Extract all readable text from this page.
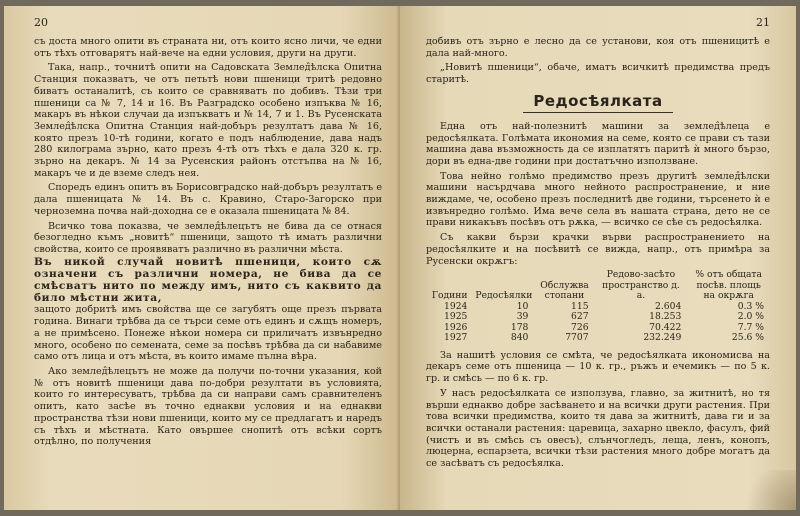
20

съ доста много опити въ страната ни, отъ които ясно личи, че едни отъ тѣхъ отговарятъ най-вече на едни условия, други на други.

Така, напр., точнитѣ опити на Садовската Землед̂ѣлска Опитна Станция показватъ, че отъ петьтѣ нови пшеници тритѣ редовно биватъ останалитѣ, съ които се сравняватъ по добивъ. Тѣзи три пшеници са № 7, 14 и 16. Въ Разградско особено изпъква № 16, макаръ въ нѣкои случаи да изпъкватъ и № 14, 7 и 1. Въ Русенската Землед̂ѣлска Опитна Станция най-добъръ резултатъ дава № 16, която презъ 10-тѣ години, когато е подъ наблюдение, дава надъ 280 килограма зърно, като презъ 4-тѣ отъ тѣхъ е дала 320 к. гр. зърно на декаръ. № 14 за Русенския районъ отстъпва на № 16, макаръ че и де вземе следъ нея.

Споредъ единъ опитъ въ Борисовградско най-добъръ резултатъ е дала пшеницата № 14. Въ с. Кравино, Старо-Загорско при черноземна почва най-доходна се е оказала пшеницата № 84.

Всичко това показва, че землед̂ѣлецътъ не бива да се отнася безогледно къмъ „новитѣ“ пшеници, защото тѣ иматъ различни свойства, които се проявяватъ различно въ различни мѣста.

Въ никой случай новитѣ пшеници, които сѫ означени съ различни номера, не бива да се смѣсватъ нито по между имъ, нито съ каквито да било мѣстни жита,

защото добритѣ имъ свойства ще се загубятъ още презъ първата година. Винаги трѣбва да се търси семе отъ единъ и сѫщъ номеръ, а не примѣсено. Понеже нѣкои номера си приличатъ извънредно много, особено по семената, семе за посѣвъ трѣбва да си набавиме само отъ лица и отъ мѣста, въ които имаме пълна вѣра.

Ако землед̂ѣлецътъ не може да получи по-точни указания, кой № отъ новитѣ пшеници дава по-добри резултати въ условията, които го интересуватъ, трѣбва да си направи самъ сравнителенъ опитъ, като засѣе въ точно еднакви условия и на еднакви пространства тѣзи нови пшеници, които му се предлагатъ и наредъ съ тѣхъ и мѣстната. Като овършее снопитѣ отъ всѣки сортъ отдѣлно, по получения

21

добивъ отъ зърно е лесно да се установи, коя отъ пшеницитѣ е дала най-много.

„Новитѣ пшеници“, обаче, иматъ всичкитѣ предимства предъ старитѣ.

Редосѣялката

Една отъ най-полезнитѣ машини за землед̂ѣлеца е редосѣялката. Голѣмата икономия на семе, която се прави съ тази машина дава възможность да се изплатятъ паритѣ ѝ много бързо, дори въ една-две години при достатъчно използване.

Това нейно голѣмо предимство презъ другитѣ землед̂ѣлски машини насърдчава много нейното распространение, и ние виждаме, че, особено презъ последнитѣ две години, търсенето ѝ е извънредно голѣмо. Има вече села въ нашата страна, дето не се прави никакъвъ посѣвъ отъ рѫка, — всичко се сѣе съ редосѣялка.

Съ какви бързи крачки върви распространението на редосѣялките и на посѣвитѣ се вижда, напр., отъ примѣра за Русенски окрѫгъ:

Години	Редосѣялки	Обслужва стопани	Редово-засѣто пространство д. а.	% отъ общата посѣв. площь на окрѫга
1924	10	115	2.604	0.3 %
1925	39	627	18.253	2.0 %
1926	178	726	70.422	7.7 %
1927	840	7707	232.249	25.6 %

За нашитѣ условия се смѣта, че редосѣялката икономисва на декаръ семе отъ пшеница — 10 к. гр., ръжъ и ечемикъ — по 5 к. гр. и смѣсь — по 6 к. гр.

У насъ редосѣялката се използува, главно, за житнитѣ, но тя върши еднакво добре засѣването и на всички други растения. При това всички предимства, които тя дава за житнитѣ, дава ги и за всички останали растения: царевица, захарно цвекло, фасулъ, фий (чистъ и въ смѣсь съ овесъ), слънчогледъ, леща, ленъ, конопъ, люцерна, еспарзета, всички тѣзи растения много добре могатъ да се засѣватъ съ редосѣялка.
